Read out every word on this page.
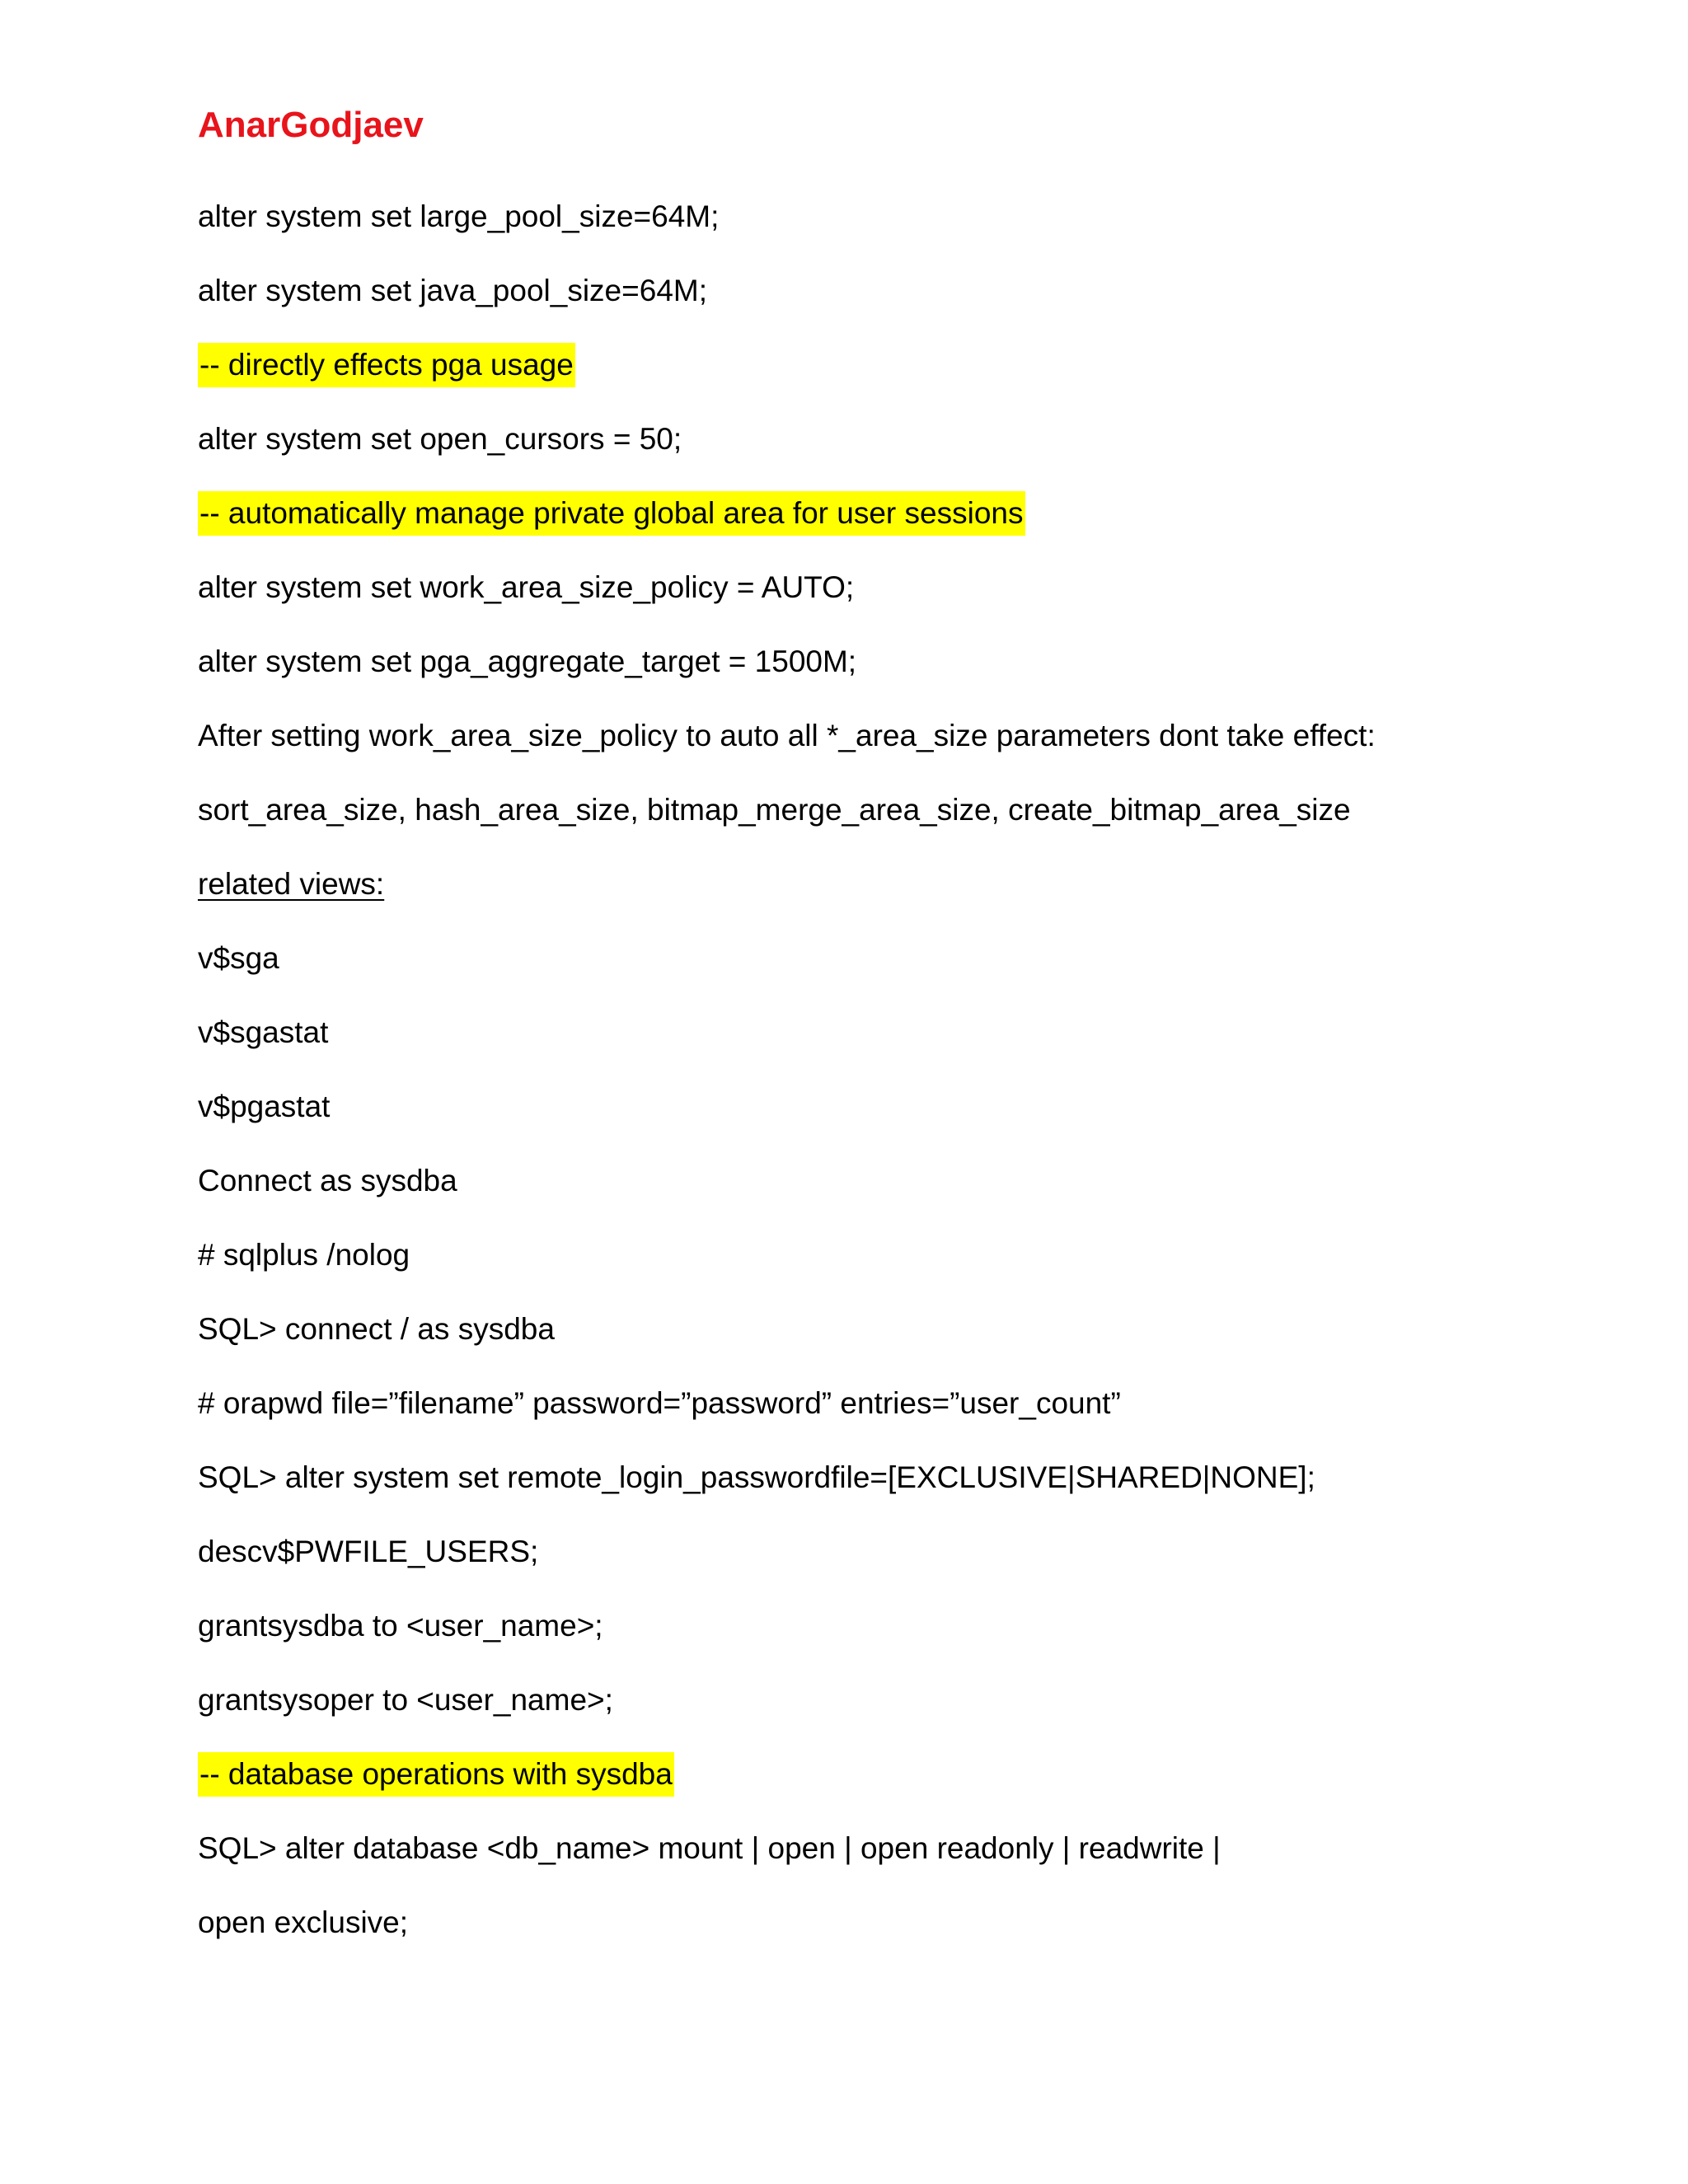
AnarGodjaev
alter system set large_pool_size=64M;
alter system set java_pool_size=64M;
-- directly effects pga usage
alter system set open_cursors = 50;
-- automatically manage private global area for user sessions
alter system set work_area_size_policy = AUTO;
alter system set pga_aggregate_target = 1500M;
After setting work_area_size_policy to auto all *_area_size parameters dont take effect:
sort_area_size, hash_area_size, bitmap_merge_area_size, create_bitmap_area_size
related views:
v$sga
v$sgastat
v$pgastat
Connect as sysdba
# sqlplus /nolog
SQL> connect / as sysdba
# orapwd file=”filename” password=”password” entries=”user_count”
SQL> alter system set remote_login_passwordfile=[EXCLUSIVE|SHARED|NONE];
descv$PWFILE_USERS;
grantsysdba to <user_name>;
grantsysoper to <user_name>;
-- database operations with sysdba
SQL> alter database <db_name> mount | open | open readonly | readwrite |
open exclusive;
